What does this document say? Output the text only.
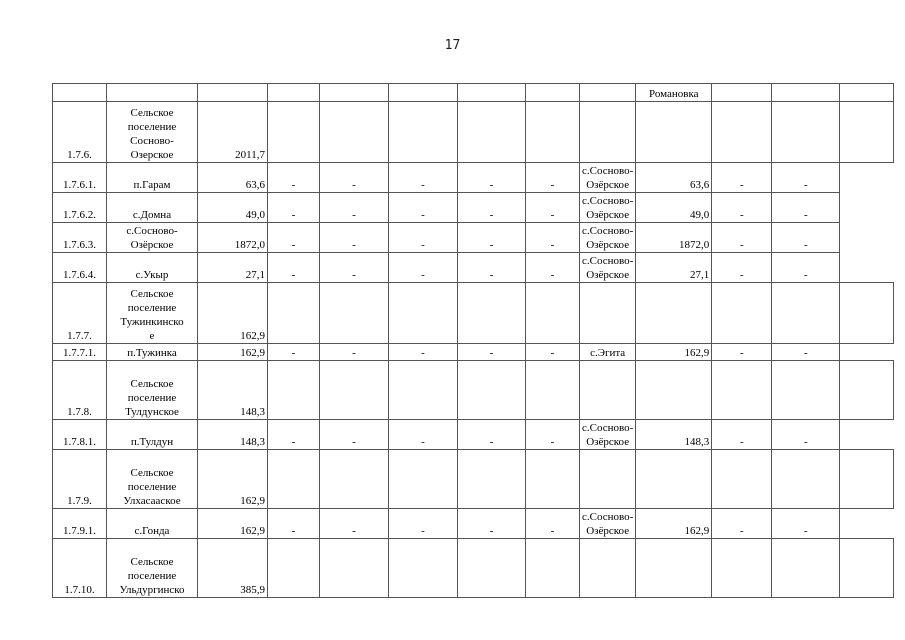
17
									Романовка			
1.7.6.	Сельское
поселение
Сосново-
Озерское	2011,7										
1.7.6.1.	п.Гарам	63,6	-	-	-	-	-	с.Сосново-
Озёрское	63,6	-	-	
1.7.6.2.	с.Домна	49,0	-	-	-	-	-	с.Сосново-
Озёрское	49,0	-	-	
1.7.6.3.	с.Сосново-
Озёрское	1872,0	-	-	-	-	-	с.Сосново-
Озёрское	1872,0	-	-	
1.7.6.4.	с.Укыр	27,1	-	-	-	-	-	с.Сосново-
Озёрское	27,1	-	-	
1.7.7.	Сельское
поселение
Тужинкинско
е	162,9										
1.7.7.1.	п.Тужинка	162,9	-	-	-	-	-	с.Эгита	162,9	-	-	
1.7.8.	Сельское
поселение
Тулдунское	148,3										
1.7.8.1.	п.Тулдун	148,3	-	-	-	-	-	с.Сосново-
Озёрское	148,3	-	-	
1.7.9.	Сельское
поселение
Улхасаaское	162,9										
1.7.9.1.	с.Гонда	162,9	-	-	-	-	-	с.Сосново-
Озёрское	162,9	-	-	
1.7.10.	Сельское
поселение
Ульдургинско	385,9										
